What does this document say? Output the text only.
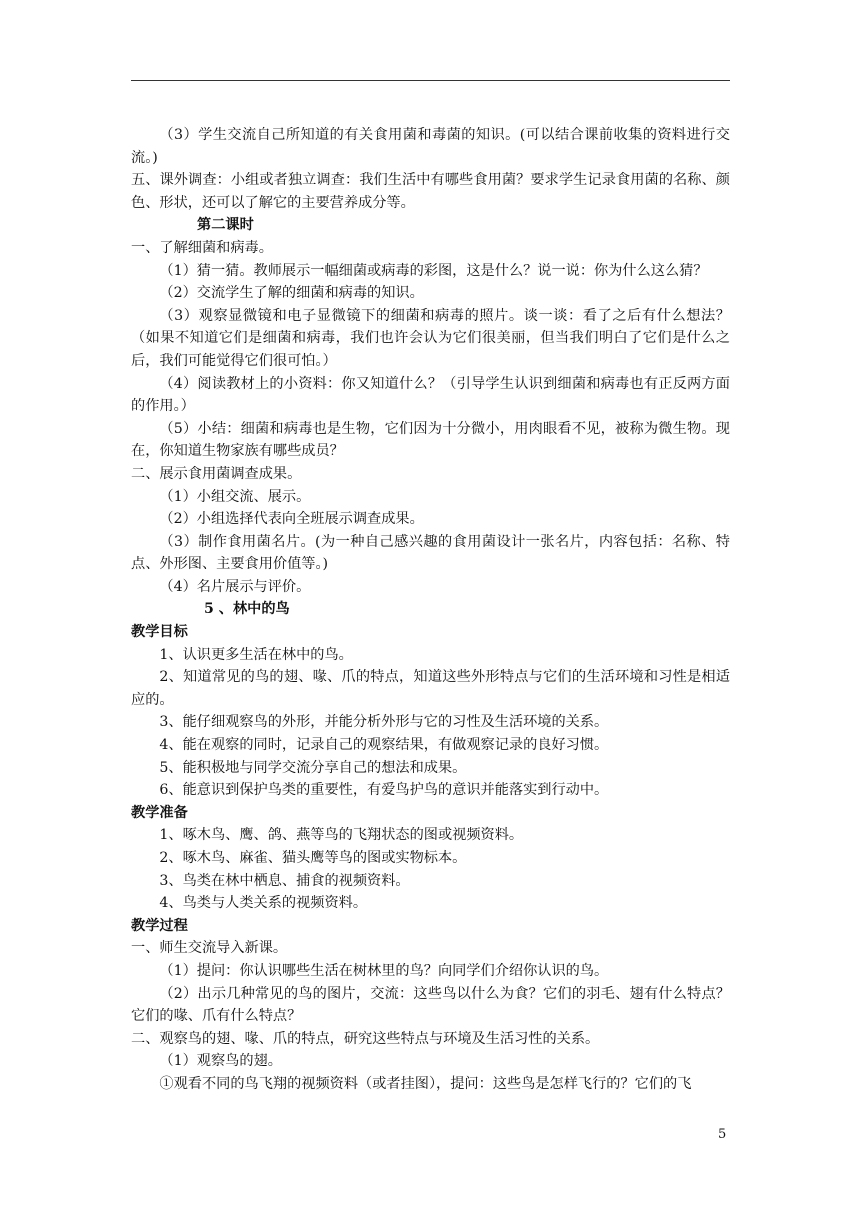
（3）学生交流自己所知道的有关食用菌和毒菌的知识。(可以结合课前收集的资料进行交流。)

五、课外调查：小组或者独立调查：我们生活中有哪些食用菌？要求学生记录食用菌的名称、颜色、形状，还可以了解它的主要营养成分等。

第二课时

一、了解细菌和病毒。

（1）猜一猜。教师展示一幅细菌或病毒的彩图，这是什么？说一说：你为什么这么猜？

（2）交流学生了解的细菌和病毒的知识。

（3）观察显微镜和电子显微镜下的细菌和病毒的照片。谈一谈：看了之后有什么想法？（如果不知道它们是细菌和病毒，我们也许会认为它们很美丽，但当我们明白了它们是什么之后，我们可能觉得它们很可怕。）

（4）阅读教材上的小资料：你又知道什么？（引导学生认识到细菌和病毒也有正反两方面的作用。）

（5）小结：细菌和病毒也是生物，它们因为十分微小，用肉眼看不见，被称为微生物。现在，你知道生物家族有哪些成员？

二、展示食用菌调查成果。

（1）小组交流、展示。

（2）小组选择代表向全班展示调查成果。

（3）制作食用菌名片。(为一种自己感兴趣的食用菌设计一张名片，内容包括：名称、特点、外形图、主要食用价值等。)

（4）名片展示与评价。

5 、林中的鸟

教学目标

1、认识更多生活在林中的鸟。

2、知道常见的鸟的翅、喙、爪的特点，知道这些外形特点与它们的生活环境和习性是相适应的。

3、能仔细观察鸟的外形，并能分析外形与它的习性及生活环境的关系。

4、能在观察的同时，记录自己的观察结果，有做观察记录的良好习惯。

5、能积极地与同学交流分享自己的想法和成果。

6、能意识到保护鸟类的重要性，有爱鸟护鸟的意识并能落实到行动中。

教学准备

1、啄木鸟、鹰、鸽、燕等鸟的飞翔状态的图或视频资料。

2、啄木鸟、麻雀、猫头鹰等鸟的图或实物标本。

3、鸟类在林中栖息、捕食的视频资料。

4、鸟类与人类关系的视频资料。

教学过程

一、师生交流导入新课。

（1）提问：你认识哪些生活在树林里的鸟？向同学们介绍你认识的鸟。

（2）出示几种常见的鸟的图片，交流：这些鸟以什么为食？它们的羽毛、翅有什么特点？它们的喙、爪有什么特点？

二、观察鸟的翅、喙、爪的特点，研究这些特点与环境及生活习性的关系。

（1）观察鸟的翅。

①观看不同的鸟飞翔的视频资料（或者挂图），提问：这些鸟是怎样飞行的？它们的飞

5
